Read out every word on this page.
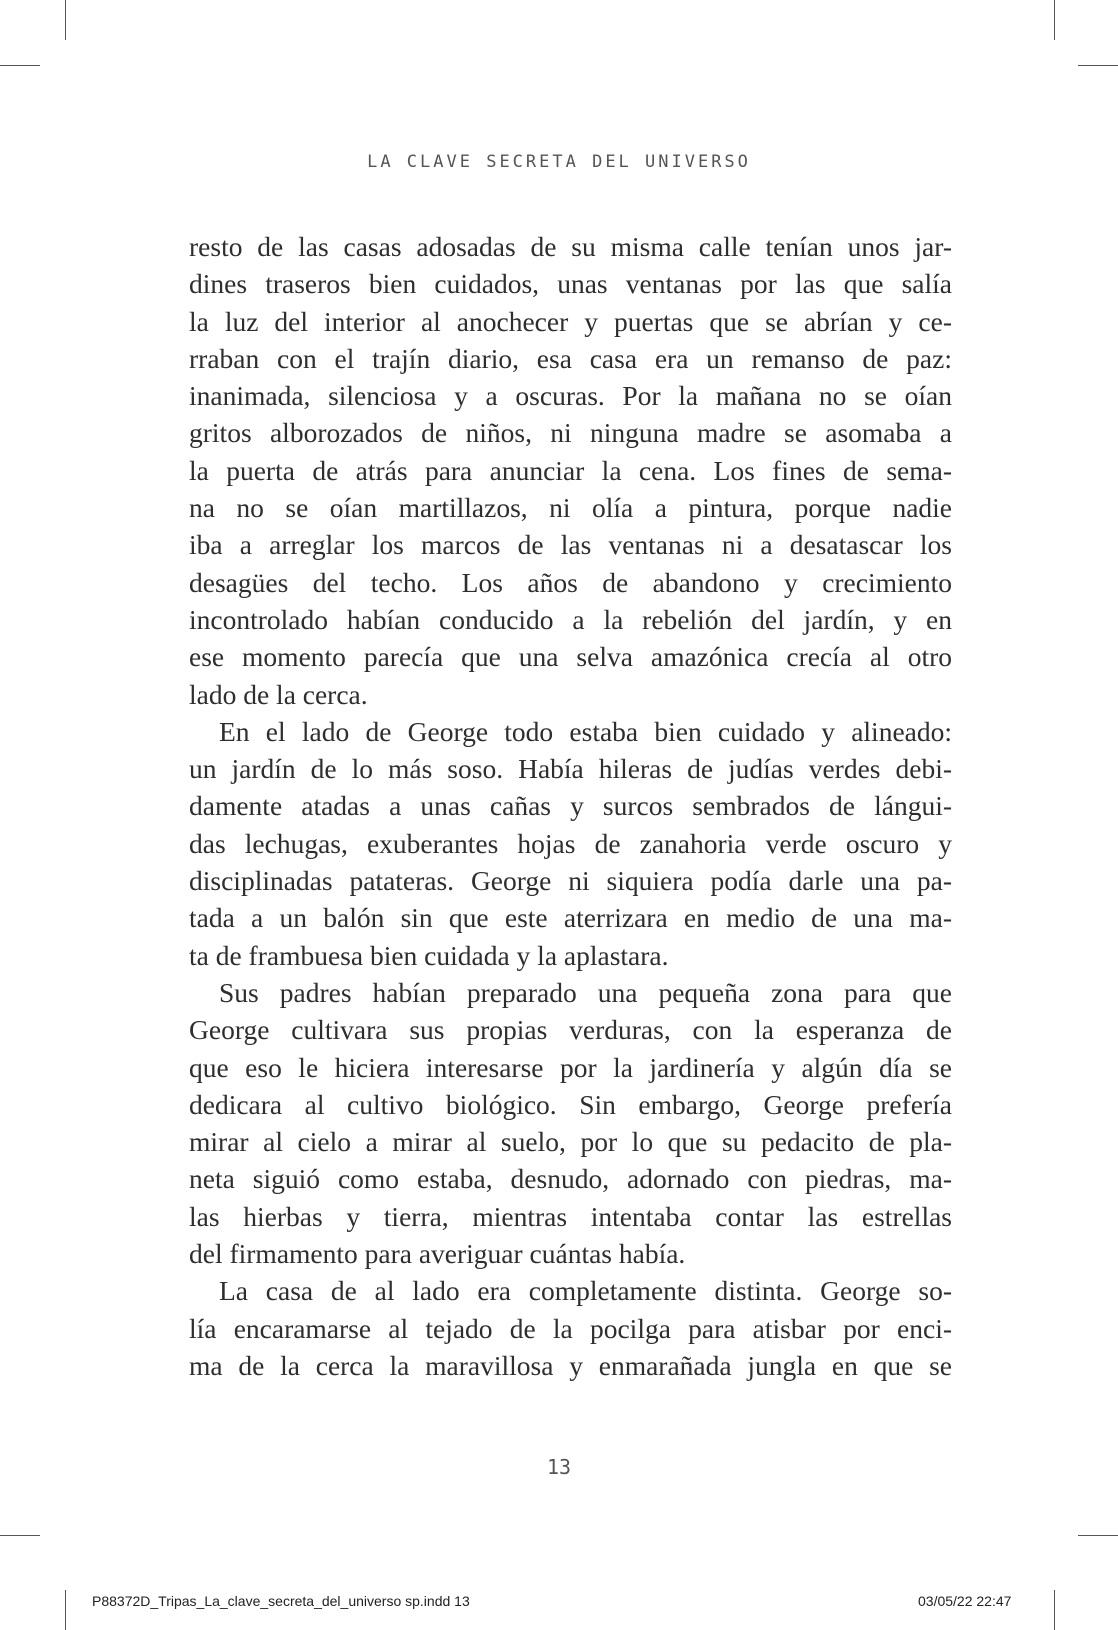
LA CLAVE SECRETA DEL UNIVERSO
resto de las casas adosadas de su misma calle tenían unos jar-
dines traseros bien cuidados, unas ventanas por las que salía
la luz del interior al anochecer y puertas que se abrían y ce-
rraban con el trajín diario, esa casa era un remanso de paz:
inanimada, silenciosa y a oscuras. Por la mañana no se oían
gritos alborozados de niños, ni ninguna madre se asomaba a
la puerta de atrás para anunciar la cena. Los fines de sema-
na no se oían martillazos, ni olía a pintura, porque nadie
iba a arreglar los marcos de las ventanas ni a desatascar los
desagües del techo. Los años de abandono y crecimiento
incontrolado habían conducido a la rebelión del jardín, y en
ese momento parecía que una selva amazónica crecía al otro
lado de la cerca.
En el lado de George todo estaba bien cuidado y alineado:
un jardín de lo más soso. Había hileras de judías verdes debi-
damente atadas a unas cañas y surcos sembrados de lángui-
das lechugas, exuberantes hojas de zanahoria verde oscuro y
disciplinadas patateras. George ni siquiera podía darle una pa-
tada a un balón sin que este aterrizara en medio de una ma-
ta de frambuesa bien cuidada y la aplastara.
Sus padres habían preparado una pequeña zona para que
George cultivara sus propias verduras, con la esperanza de
que eso le hiciera interesarse por la jardinería y algún día se
dedicara al cultivo biológico. Sin embargo, George prefería
mirar al cielo a mirar al suelo, por lo que su pedacito de pla-
neta siguió como estaba, desnudo, adornado con piedras, ma-
las hierbas y tierra, mientras intentaba contar las estrellas
del firmamento para averiguar cuántas había.
La casa de al lado era completamente distinta. George so-
lía encaramarse al tejado de la pocilga para atisbar por enci-
ma de la cerca la maravillosa y enmarañada jungla en que se
13
P88372D_Tripas_La_clave_secreta_del_universo sp.indd 13	03/05/22 22:47
